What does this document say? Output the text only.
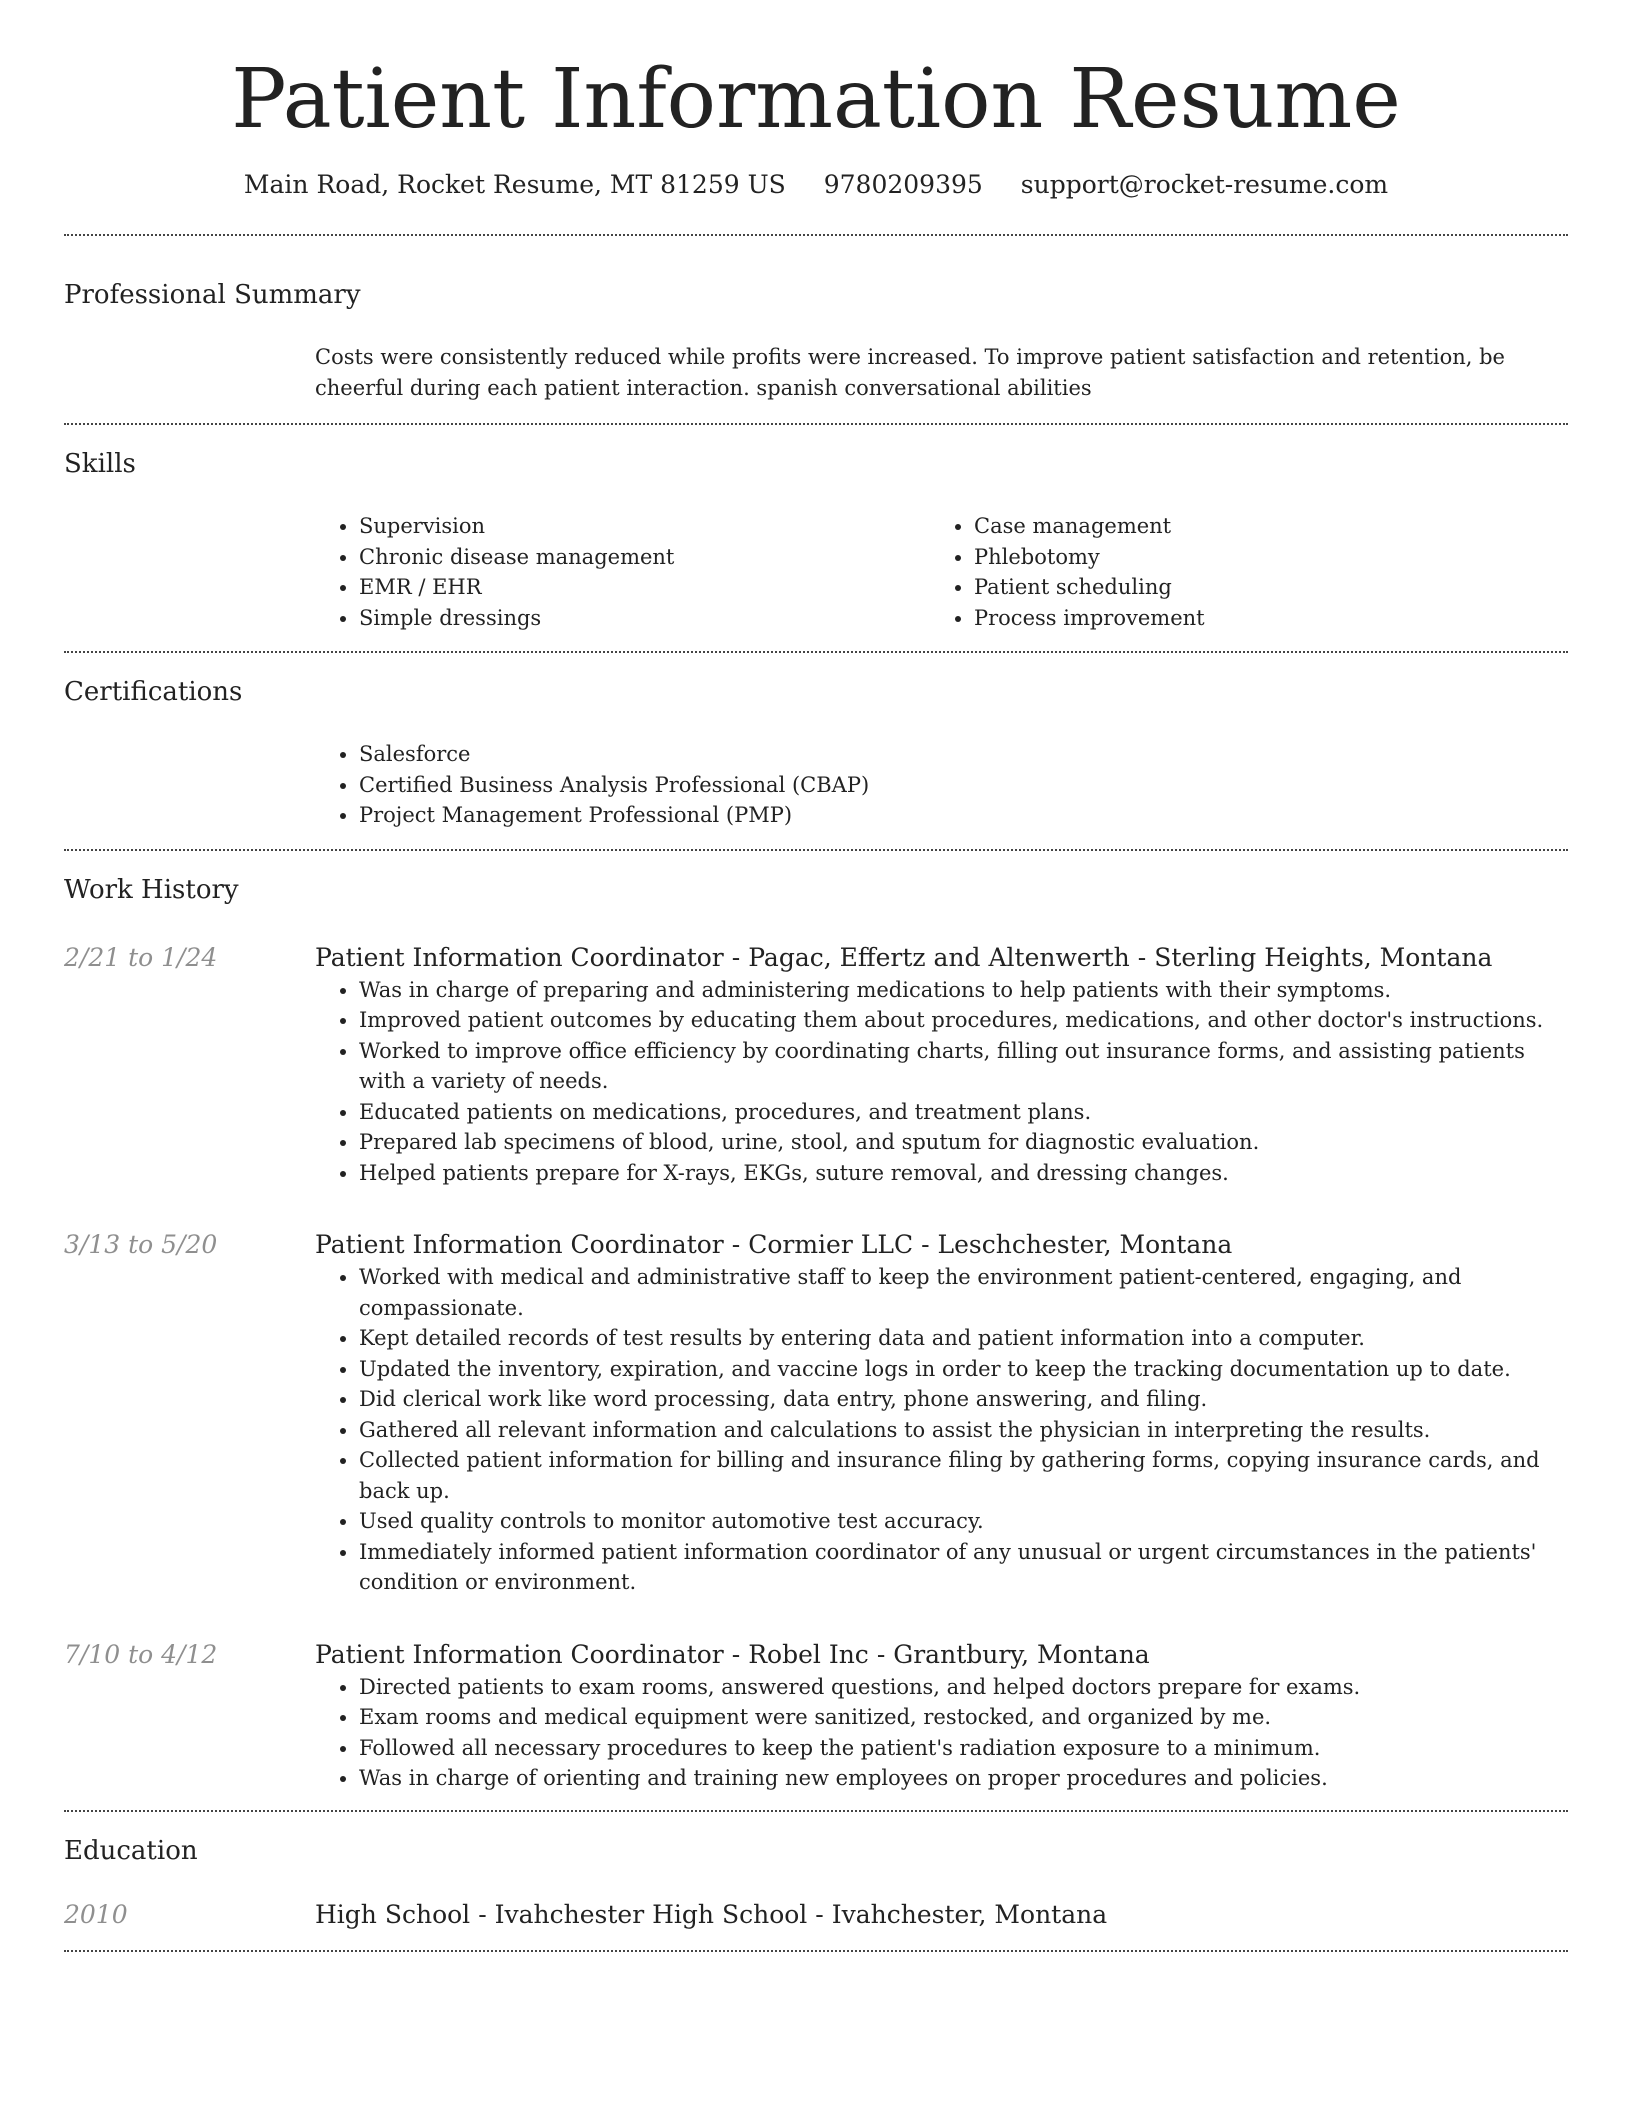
Patient Information Resume
Main Road, Rocket Resume, MT 81259 US 9780209395 support@rocket-resume.com
Professional Summary
Costs were consistently reduced while profits were increased. To improve patient satisfaction and retention, be cheerful during each patient interaction. spanish conversational abilities
Skills
• Supervision
• Chronic disease management
• EMR / EHR
• Simple dressings
• Case management
• Phlebotomy
• Patient scheduling
• Process improvement
Certifications
• Salesforce
• Certified Business Analysis Professional (CBAP)
• Project Management Professional (PMP)
Work History
2/21 to 1/24	Patient Information Coordinator - Pagac, Effertz and Altenwerth - Sterling Heights, Montana
• Was in charge of preparing and administering medications to help patients with their symptoms.
• Improved patient outcomes by educating them about procedures, medications, and other doctor's instructions.
• Worked to improve office efficiency by coordinating charts, filling out insurance forms, and assisting patients with a variety of needs.
• Educated patients on medications, procedures, and treatment plans.
• Prepared lab specimens of blood, urine, stool, and sputum for diagnostic evaluation.
• Helped patients prepare for X-rays, EKGs, suture removal, and dressing changes.
3/13 to 5/20	Patient Information Coordinator - Cormier LLC - Leschchester, Montana
• Worked with medical and administrative staff to keep the environment patient-centered, engaging, and compassionate.
• Kept detailed records of test results by entering data and patient information into a computer.
• Updated the inventory, expiration, and vaccine logs in order to keep the tracking documentation up to date.
• Did clerical work like word processing, data entry, phone answering, and filing.
• Gathered all relevant information and calculations to assist the physician in interpreting the results.
• Collected patient information for billing and insurance filing by gathering forms, copying insurance cards, and back up.
• Used quality controls to monitor automotive test accuracy.
• Immediately informed patient information coordinator of any unusual or urgent circumstances in the patients' condition or environment.
7/10 to 4/12	Patient Information Coordinator - Robel Inc - Grantbury, Montana
• Directed patients to exam rooms, answered questions, and helped doctors prepare for exams.
• Exam rooms and medical equipment were sanitized, restocked, and organized by me.
• Followed all necessary procedures to keep the patient's radiation exposure to a minimum.
• Was in charge of orienting and training new employees on proper procedures and policies.
Education
2010	High School - Ivahchester High School - Ivahchester, Montana
